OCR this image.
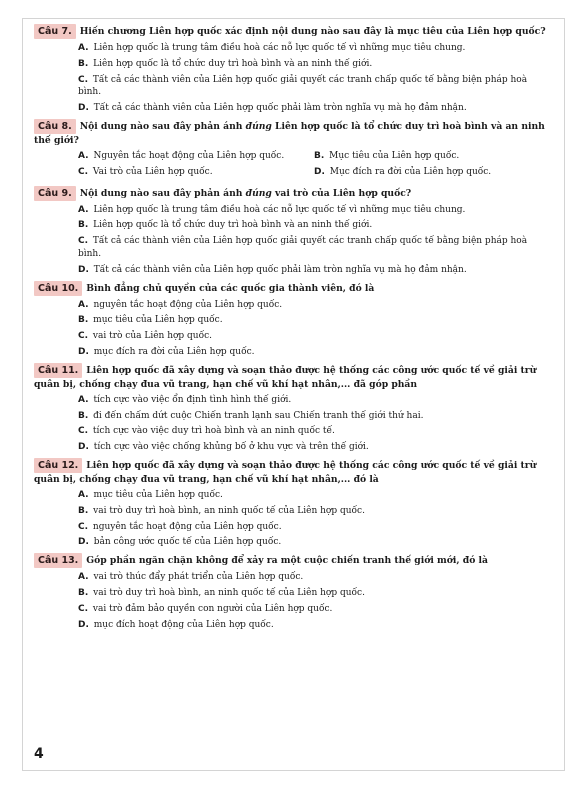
Câu 7. Hiến chương Liên hợp quốc xác định nội dung nào sau đây là mục tiêu của Liên hợp quốc?

A. Liên hợp quốc là trung tâm điều hoà các nỗ lực quốc tế vì những mục tiêu chung.

B. Liên hợp quốc là tổ chức duy trì hoà bình và an ninh thế giới.

C. Tất cả các thành viên của Liên hợp quốc giải quyết các tranh chấp quốc tế bằng biện pháp hoà bình.

D. Tất cả các thành viên của Liên hợp quốc phải làm tròn nghĩa vụ mà họ đảm nhận.

Câu 8. Nội dung nào sau đây phản ánh đúng Liên hợp quốc là tổ chức duy trì hoà bình và an ninh thế giới?

A. Nguyên tắc hoạt động của Liên hợp quốc.	B. Mục tiêu của Liên hợp quốc.

C. Vai trò của Liên hợp quốc.	D. Mục đích ra đời của Liên hợp quốc.

Câu 9. Nội dung nào sau đây phản ánh đúng vai trò của Liên hợp quốc?

A. Liên hợp quốc là trung tâm điều hoà các nỗ lực quốc tế vì những mục tiêu chung.

B. Liên hợp quốc là tổ chức duy trì hoà bình và an ninh thế giới.

C. Tất cả các thành viên của Liên hợp quốc giải quyết các tranh chấp quốc tế bằng biện pháp hoà bình.

D. Tất cả các thành viên của Liên hợp quốc phải làm tròn nghĩa vụ mà họ đảm nhận.

Câu 10. Bình đẳng chủ quyền của các quốc gia thành viên, đó là

A. nguyên tắc hoạt động của Liên hợp quốc.

B. mục tiêu của Liên hợp quốc.

C. vai trò của Liên hợp quốc.

D. mục đích ra đời của Liên hợp quốc.

Câu 11. Liên hợp quốc đã xây dựng và soạn thảo được hệ thống các công ước quốc tế về giải trừ quân bị, chống chạy đua vũ trang, hạn chế vũ khí hạt nhân,... đã góp phần

A. tích cực vào việc ổn định tình hình thế giới.

B. đi đến chấm dứt cuộc Chiến tranh lạnh sau Chiến tranh thế giới thứ hai.

C. tích cực vào việc duy trì hoà bình và an ninh quốc tế.

D. tích cực vào việc chống khủng bố ở khu vực và trên thế giới.

Câu 12. Liên hợp quốc đã xây dựng và soạn thảo được hệ thống các công ước quốc tế về giải trừ quân bị, chống chạy đua vũ trang, hạn chế vũ khí hạt nhân,... đó là

A. mục tiêu của Liên hợp quốc.

B. vai trò duy trì hoà bình, an ninh quốc tế của Liên hợp quốc.

C. nguyên tắc hoạt động của Liên hợp quốc.

D. bản công ước quốc tế của Liên hợp quốc.

Câu 13. Góp phần ngăn chặn không để xảy ra một cuộc chiến tranh thế giới mới, đó là

A. vai trò thúc đẩy phát triển của Liên hợp quốc.

B. vai trò duy trì hoà bình, an ninh quốc tế của Liên hợp quốc.

C. vai trò đảm bảo quyền con người của Liên hợp quốc.

D. mục đích hoạt động của Liên hợp quốc.

4
